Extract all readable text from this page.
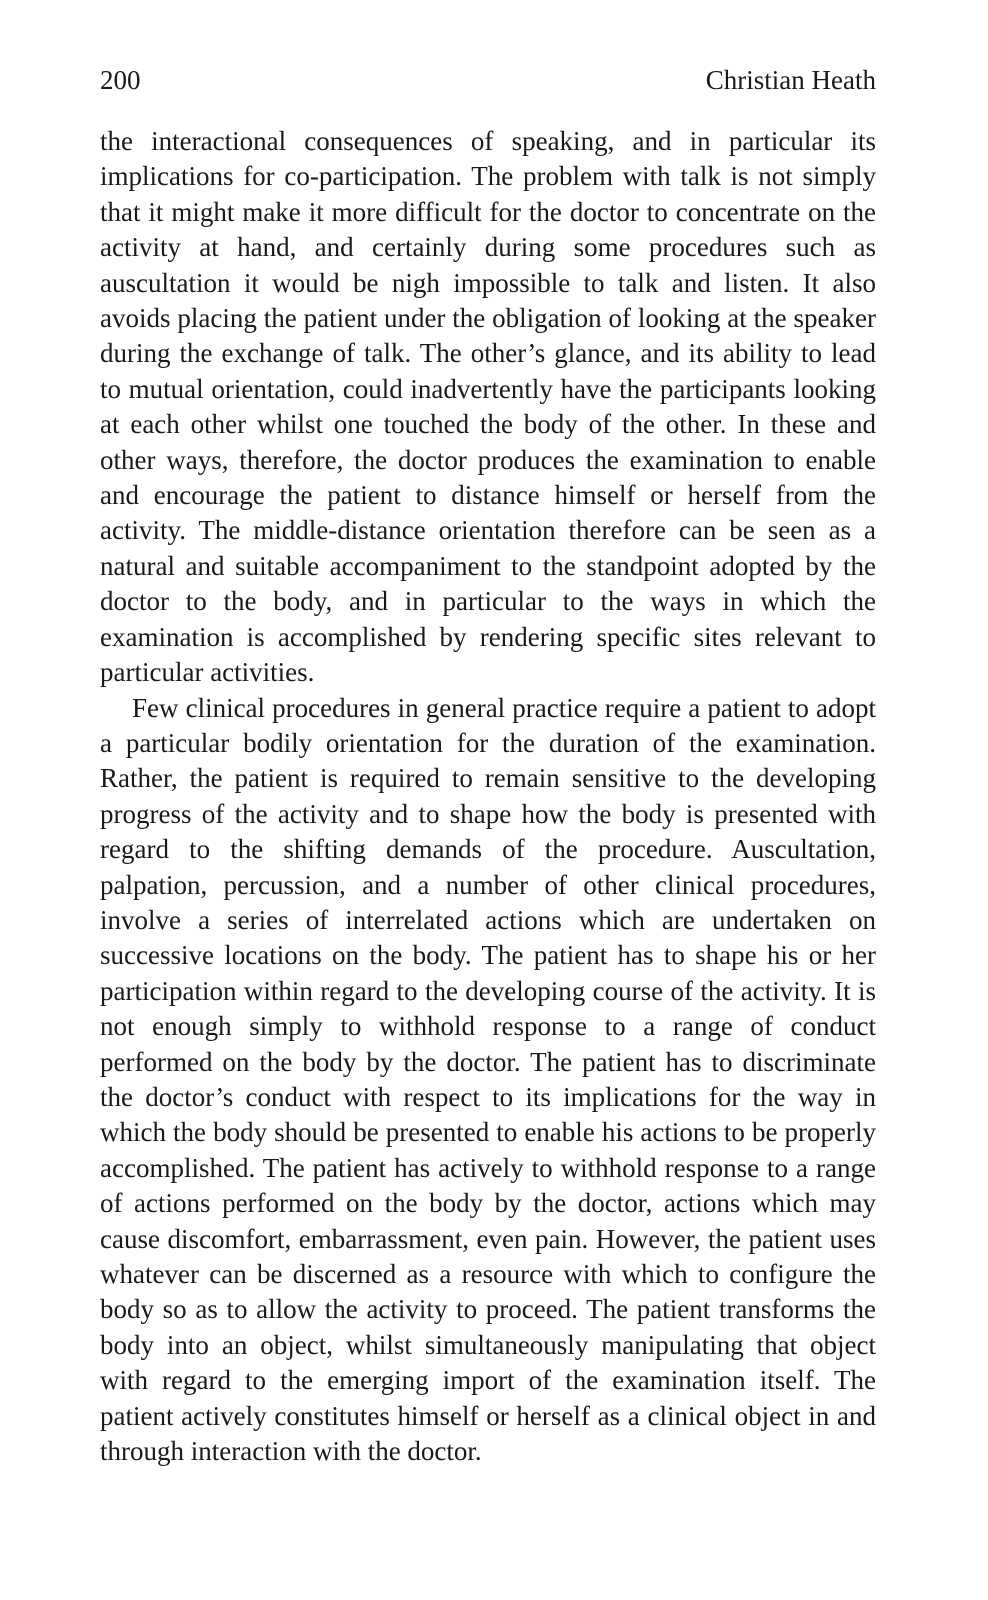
200	Christian Heath

the interactional consequences of speaking, and in particular its implications for co-participation. The problem with talk is not simply that it might make it more difficult for the doctor to concentrate on the activity at hand, and certainly during some procedures such as auscultation it would be nigh impossible to talk and listen. It also avoids placing the patient under the obligation of looking at the speaker during the exchange of talk. The other’s glance, and its ability to lead to mutual orientation, could inadvertently have the participants looking at each other whilst one touched the body of the other. In these and other ways, therefore, the doctor produces the examination to enable and encourage the patient to distance himself or herself from the activity. The middle-distance orientation therefore can be seen as a natural and suitable accompaniment to the standpoint adopted by the doctor to the body, and in particular to the ways in which the examination is accomplished by rendering specific sites relevant to particular activities.

Few clinical procedures in general practice require a patient to adopt a particular bodily orientation for the duration of the examination. Rather, the patient is required to remain sensitive to the developing progress of the activity and to shape how the body is presented with regard to the shifting demands of the procedure. Auscultation, palpation, percussion, and a number of other clinical procedures, involve a series of interrelated actions which are undertaken on successive locations on the body. The patient has to shape his or her participation within regard to the developing course of the activity. It is not enough simply to withhold response to a range of conduct performed on the body by the doctor. The patient has to discriminate the doctor’s conduct with respect to its implications for the way in which the body should be presented to enable his actions to be properly accomplished. The patient has actively to withhold response to a range of actions performed on the body by the doctor, actions which may cause discomfort, embarrassment, even pain. However, the patient uses whatever can be discerned as a resource with which to configure the body so as to allow the activity to proceed. The patient transforms the body into an object, whilst simultaneously manipulating that object with regard to the emerging import of the examination itself. The patient actively constitutes himself or herself as a clinical object in and through interaction with the doctor.
